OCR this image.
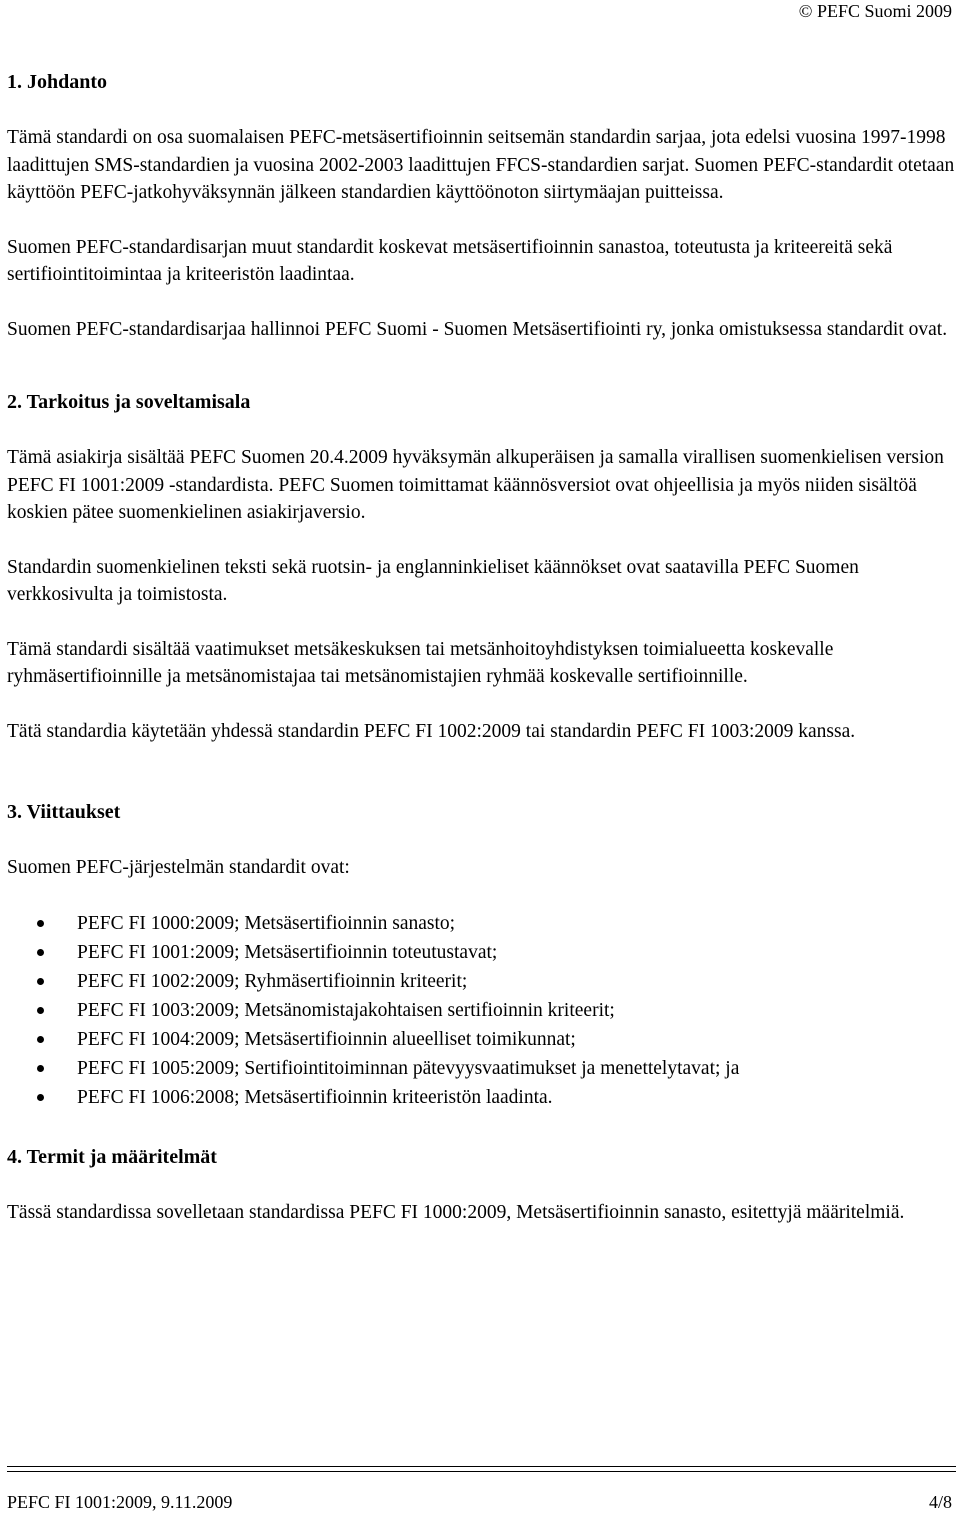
© PEFC Suomi 2009
1. Johdanto

Tämä standardi on osa suomalaisen PEFC-metsäsertifioinnin seitsemän standardin sarjaa, jota edelsi vuosina 1997-1998 laadittujen SMS-standardien ja vuosina 2002-2003 laadittujen FFCS-standardien sarjat. Suomen PEFC-standardit otetaan käyttöön PEFC-jatkohyväksynnän jälkeen standardien käyttöönoton siirtymäajan puitteissa.

Suomen PEFC-standardisarjan muut standardit koskevat metsäsertifioinnin sanastoa, toteutusta ja kriteereitä sekä sertifiointitoimintaa ja kriteeristön laadintaa.

Suomen PEFC-standardisarjaa hallinnoi PEFC Suomi - Suomen Metsäsertifiointi ry, jonka omistuksessa standardit ovat.

2. Tarkoitus ja soveltamisala

Tämä asiakirja sisältää PEFC Suomen 20.4.2009 hyväksymän alkuperäisen ja samalla virallisen suomenkielisen version PEFC FI 1001:2009 -standardista. PEFC Suomen toimittamat käännösversiot ovat ohjeellisia ja myös niiden sisältöä koskien pätee suomenkielinen asiakirjaversio.

Standardin suomenkielinen teksti sekä ruotsin- ja englanninkieliset käännökset ovat saatavilla PEFC Suomen verkkosivulta ja toimistosta.

Tämä standardi sisältää vaatimukset metsäkeskuksen tai metsänhoitoyhdistyksen toimialueetta koskevalle ryhmäsertifioinnille ja metsänomistajaa tai metsänomistajien ryhmää koskevalle sertifioinnille.

Tätä standardia käytetään yhdessä standardin PEFC FI 1002:2009 tai standardin PEFC FI 1003:2009 kanssa.

3. Viittaukset

Suomen PEFC-järjestelmän standardit ovat:

PEFC FI 1000:2009; Metsäsertifioinnin sanasto;
PEFC FI 1001:2009; Metsäsertifioinnin toteutustavat;
PEFC FI 1002:2009; Ryhmäsertifioinnin kriteerit;
PEFC FI 1003:2009; Metsänomistajakohtaisen sertifioinnin kriteerit;
PEFC FI 1004:2009; Metsäsertifioinnin alueelliset toimikunnat;
PEFC FI 1005:2009; Sertifiointitoiminnan pätevyysvaatimukset ja menettelytavat; ja
PEFC FI 1006:2008; Metsäsertifioinnin kriteeristön laadinta.
4. Termit ja määritelmät

Tässä standardissa sovelletaan standardissa PEFC FI 1000:2009, Metsäsertifioinnin sanasto, esitettyjä määritelmiä.

PEFC FI 1001:2009, 9.11.2009	4/8
